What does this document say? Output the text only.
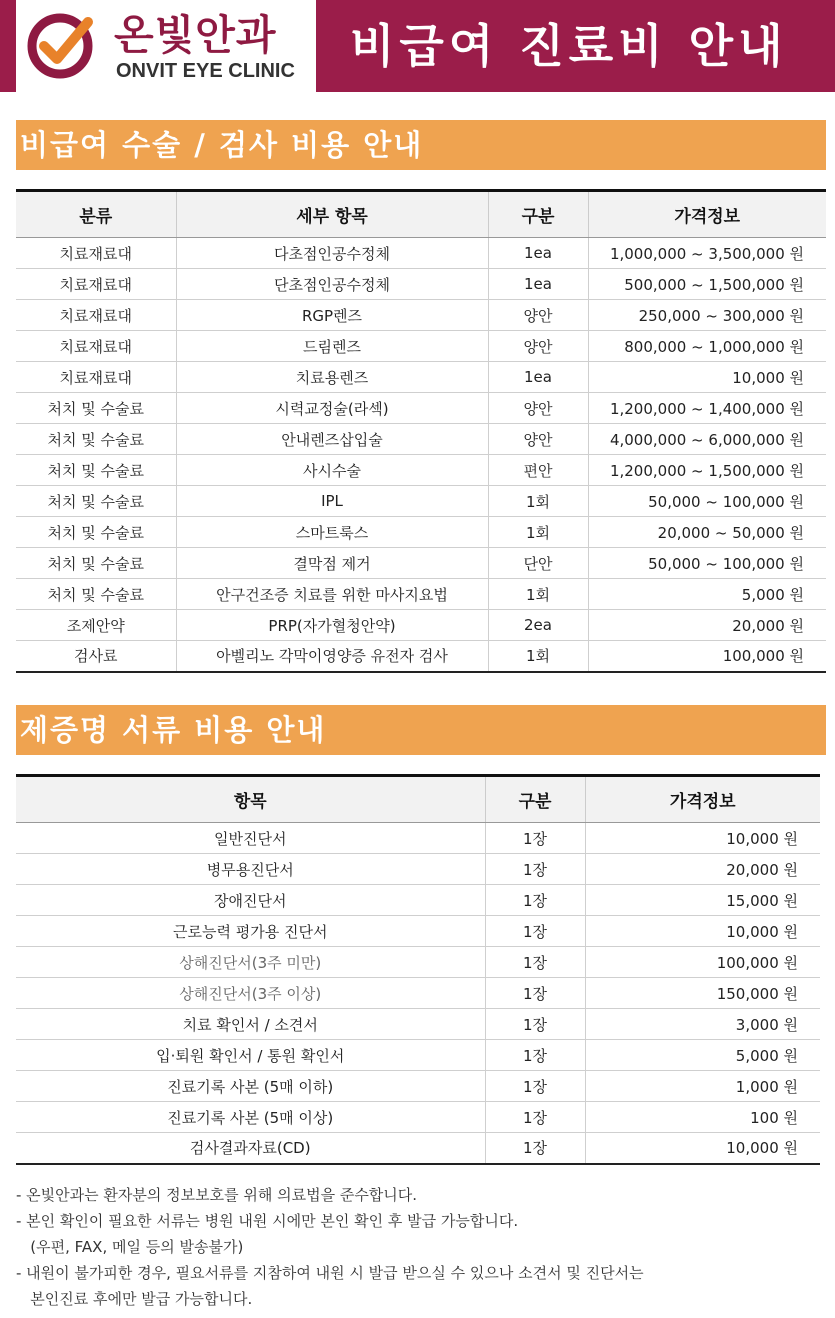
온빛안과
ONVIT EYE CLINIC 비급여 진료비 안내
비급여 수술 / 검사 비용 안내
분류	세부 항목	구분	가격정보
치료재료대	다초점인공수정체	1ea	1,000,000 ~ 3,500,000 원
치료재료대	단초점인공수정체	1ea	500,000 ~ 1,500,000 원
치료재료대	RGP렌즈	양안	250,000 ~ 300,000 원
치료재료대	드림렌즈	양안	800,000 ~ 1,000,000 원
치료재료대	치료용렌즈	1ea	10,000 원
처치 및 수술료	시력교정술(라섹)	양안	1,200,000 ~ 1,400,000 원
처치 및 수술료	안내렌즈삽입술	양안	4,000,000 ~ 6,000,000 원
처치 및 수술료	사시수술	편안	1,200,000 ~ 1,500,000 원
처치 및 수술료	IPL	1회	50,000 ~ 100,000 원
처치 및 수술료	스마트룩스	1회	20,000 ~ 50,000 원
처치 및 수술료	결막점 제거	단안	50,000 ~ 100,000 원
처치 및 수술료	안구건조증 치료를 위한 마사지요법	1회	5,000 원
조제안약	PRP(자가혈청안약)	2ea	20,000 원
검사료	아벨리노 각막이영양증 유전자 검사	1회	100,000 원
제증명 서류 비용 안내
항목	구분	가격정보
일반진단서	1장	10,000 원
병무용진단서	1장	20,000 원
장애진단서	1장	15,000 원
근로능력 평가용 진단서	1장	10,000 원
상해진단서(3주 미만)	1장	100,000 원
상해진단서(3주 이상)	1장	150,000 원
치료 확인서 / 소견서	1장	3,000 원
입·퇴원 확인서 / 통원 확인서	1장	5,000 원
진료기록 사본 (5매 이하)	1장	1,000 원
진료기록 사본 (5매 이상)	1장	100 원
검사결과자료(CD)	1장	10,000 원

- 온빛안과는 환자분의 정보보호를 위해 의료법을 준수합니다.

- 본인 확인이 필요한 서류는 병원 내원 시에만 본인 확인 후 발급 가능합니다.

(우편, FAX, 메일 등의 발송불가)

- 내원이 불가피한 경우, 필요서류를 지참하여 내원 시 발급 받으실 수 있으나 소견서 및 진단서는

본인진료 후에만 발급 가능합니다.
